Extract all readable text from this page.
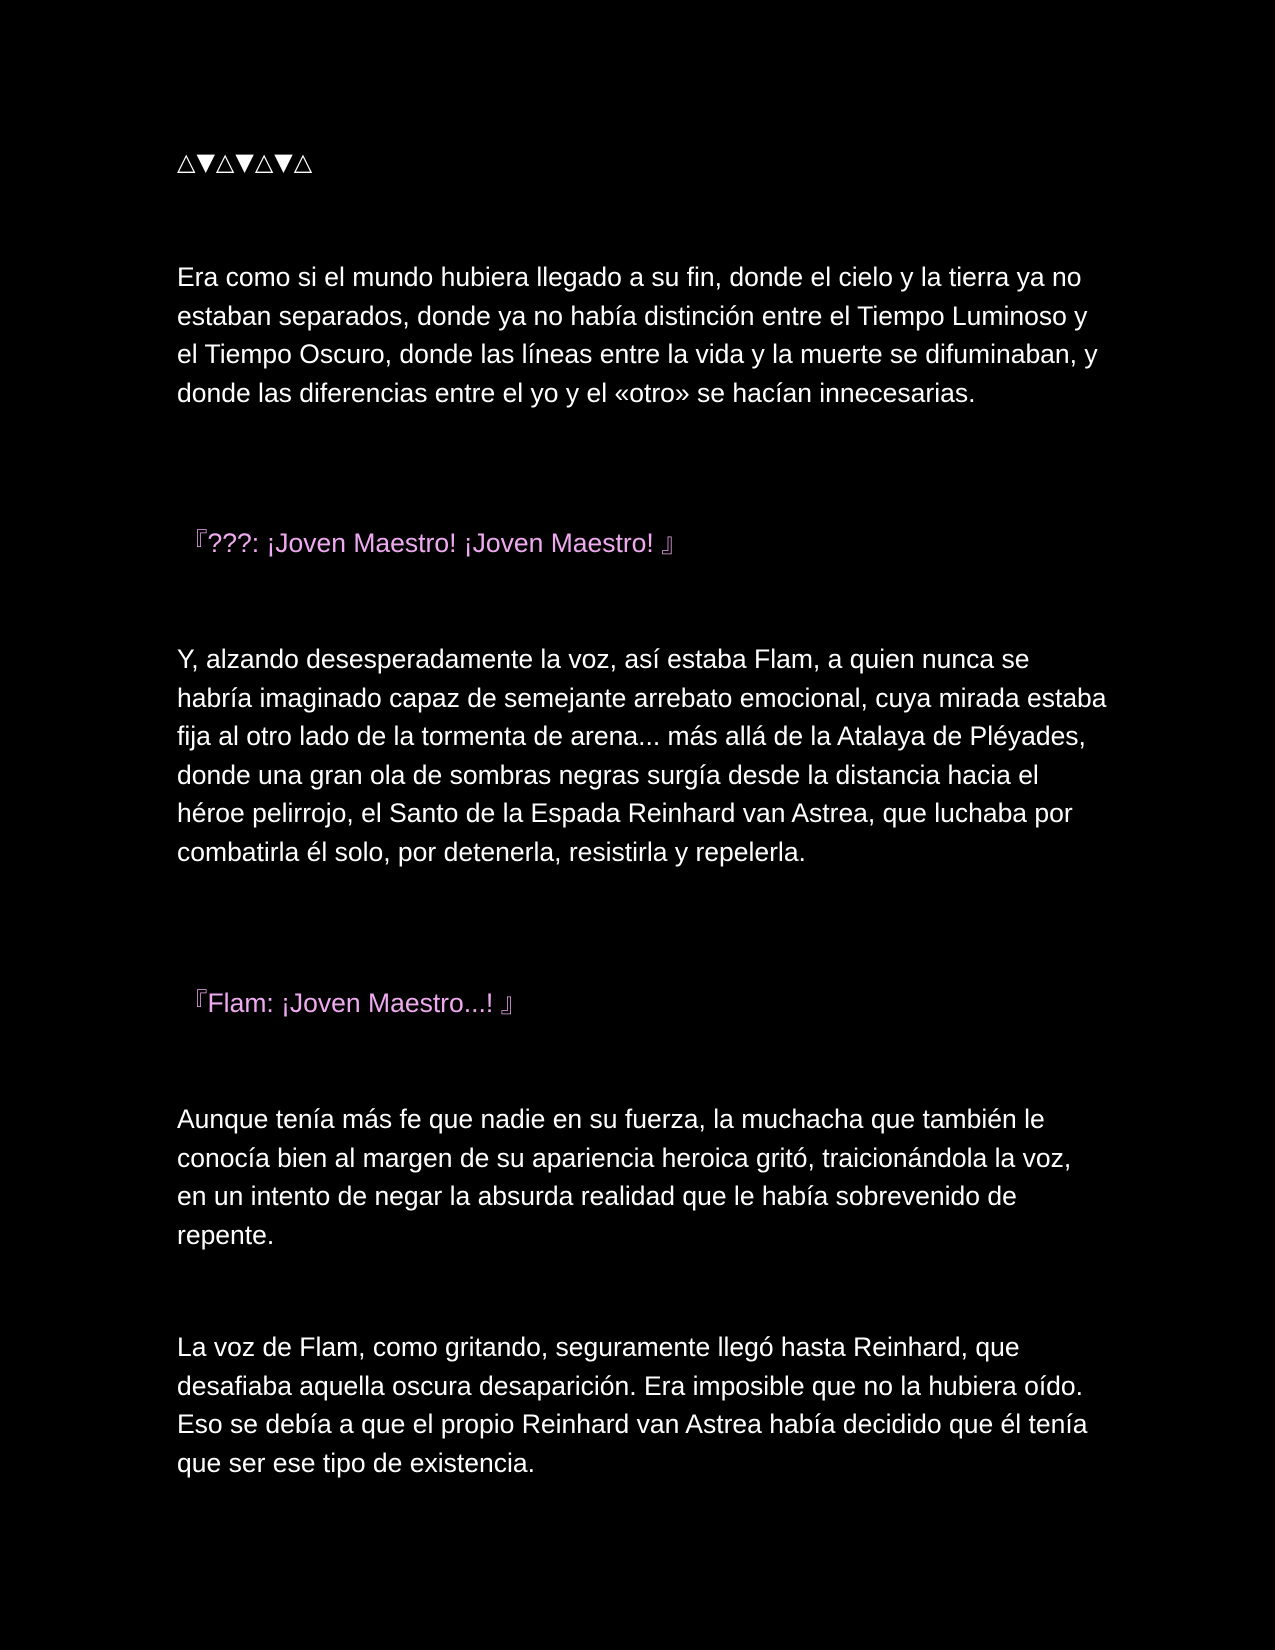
△▼△▼△▼△

Era como si el mundo hubiera llegado a su fin, donde el cielo y la tierra ya no estaban separados, donde ya no había distinción entre el Tiempo Luminoso y el Tiempo Oscuro, donde las líneas entre la vida y la muerte se difuminaban, y donde las diferencias entre el yo y el «otro» se hacían innecesarias.

『???: ¡Joven Maestro! ¡Joven Maestro! 』

Y, alzando desesperadamente la voz, así estaba Flam, a quien nunca se habría imaginado capaz de semejante arrebato emocional, cuya mirada estaba fija al otro lado de la tormenta de arena... más allá de la Atalaya de Pléyades, donde una gran ola de sombras negras surgía desde la distancia hacia el héroe pelirrojo, el Santo de la Espada Reinhard van Astrea, que luchaba por combatirla él solo, por detenerla, resistirla y repelerla.

『Flam: ¡Joven Maestro...! 』

Aunque tenía más fe que nadie en su fuerza, la muchacha que también le conocía bien al margen de su apariencia heroica gritó, traicionándola la voz, en un intento de negar la absurda realidad que le había sobrevenido de repente.

La voz de Flam, como gritando, seguramente llegó hasta Reinhard, que desafiaba aquella oscura desaparición. Era imposible que no la hubiera oído. Eso se debía a que el propio Reinhard van Astrea había decidido que él tenía que ser ese tipo de existencia.
